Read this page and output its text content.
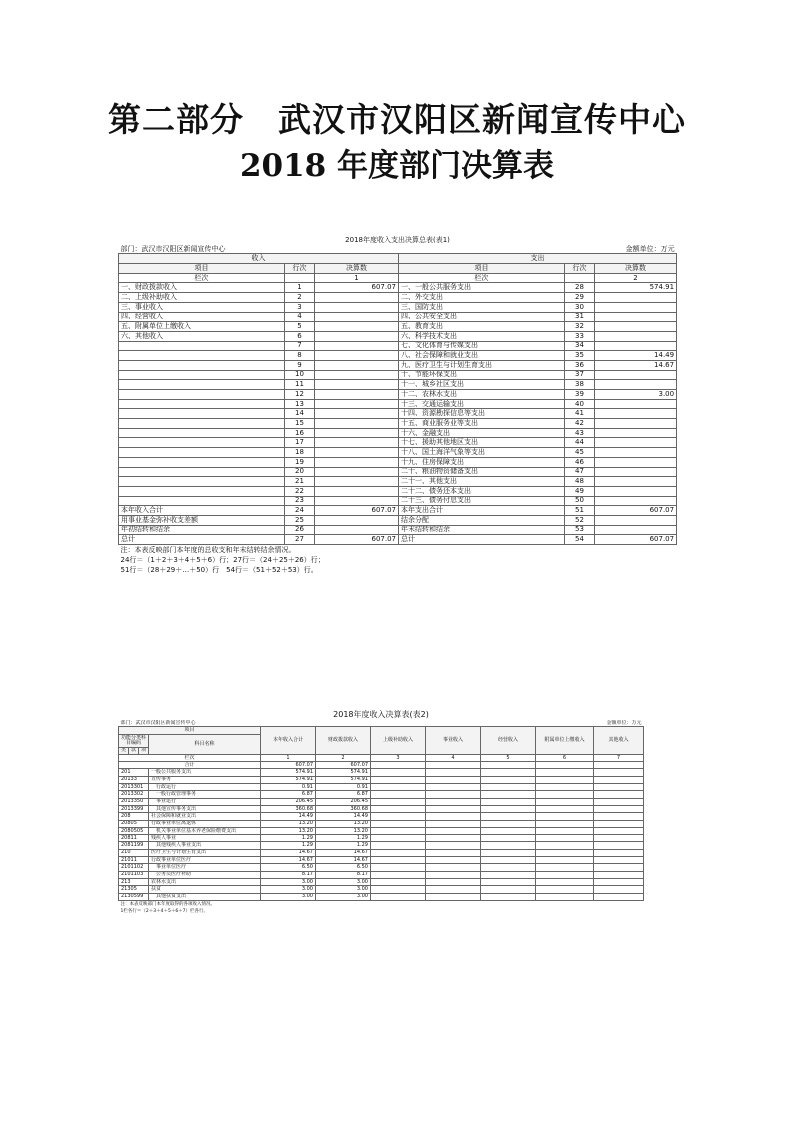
第二部分　武汉市汉阳区新闻宣传中心
2018 年度部门决算表
2018年度收入支出决算总表(表1)					
部门：武汉市汉阳区新闻宣传中心			金额单位：万元		
收入			支出		
项目	行次	决算数	项目	行次	决算数
栏次		1	栏次		2
一、财政拨款收入	1	607.07	一、一般公共服务支出	28	574.91
二、上级补助收入	2		二、外交支出	29	
三、事业收入	3		三、国防支出	30	
四、经营收入	4		四、公共安全支出	31	
五、附属单位上缴收入	5		五、教育支出	32	
六、其他收入	6		六、科学技术支出	33	
	7		七、文化体育与传媒支出	34	
	8		八、社会保障和就业支出	35	14.49
	9		九、医疗卫生与计划生育支出	36	14.67
	10		十、节能环保支出	37	
	11		十一、城乡社区支出	38	
	12		十二、农林水支出	39	3.00
	13		十三、交通运输支出	40	
	14		十四、资源勘探信息等支出	41	
	15		十五、商业服务业等支出	42	
	16		十六、金融支出	43	
	17		十七、援助其他地区支出	44	
	18		十八、国土海洋气象等支出	45	
	19		十九、住房保障支出	46	
	20		二十、粮油物资储备支出	47	
	21		二十一、其他支出	48	
	22		二十二、债务还本支出	49	
	23		二十三、债务付息支出	50	
本年收入合计	24	607.07	本年支出合计	51	607.07
用事业基金弥补收支差额	25		结余分配	52	
年初结转和结余	26		年末结转和结余	53	
总计	27	607.07	总计	54	607.07
注：本表反映部门本年度的总收支和年末结转结余情况。					
24行＝（1＋2＋3＋4＋5＋6）行；27行＝（24＋25＋26）行；					
51行＝（28＋29＋…＋50）行　54行＝（51＋52＋53）行。					
2018年度收入决算表(表2)										
部门：武汉市汉阳区新闻宣传中心						金额单位：万元				
项目				本年收入合计	财政拨款收入	上级补助收入	事业收入	经营收入	附属单位上缴收入	其他收入
功能分类科目编码			科目名称							
类	款	项								
栏次				1	2	3	4	5	6	7
合计				607.07	607.07					
201			一般公共服务支出	574.91	574.91					
20133			宣传事务	574.91	574.91					
2013301			　行政运行	0.91	0.91					
2013302			　一般行政管理事务	6.87	6.87					
2013350			　事业运行	206.45	206.45					
2013399			　其他宣传事务支出	360.68	360.68					
208			社会保障和就业支出	14.49	14.49					
20805			行政事业单位离退休	13.20	13.20					
2080505			　机关事业单位基本养老保险缴费支出	13.20	13.20					
20811			残疾人事业	1.29	1.29					
2081199			　其他残疾人事业支出	1.29	1.29					
210			医疗卫生与计划生育支出	14.67	14.67					
21011			行政事业单位医疗	14.67	14.67					
2101102			　事业单位医疗	6.50	6.50					
2101103			　公务员医疗补助	8.17	8.17					
213			农林水支出	3.00	3.00					
21305			扶贫	3.00	3.00					
2130599			　其他扶贫支出	3.00	3.00					
注：本表反映部门本年度取得的各项收入情况。										
1栏各行＝（2＋3＋4＋5＋6＋7）栏各行。										
